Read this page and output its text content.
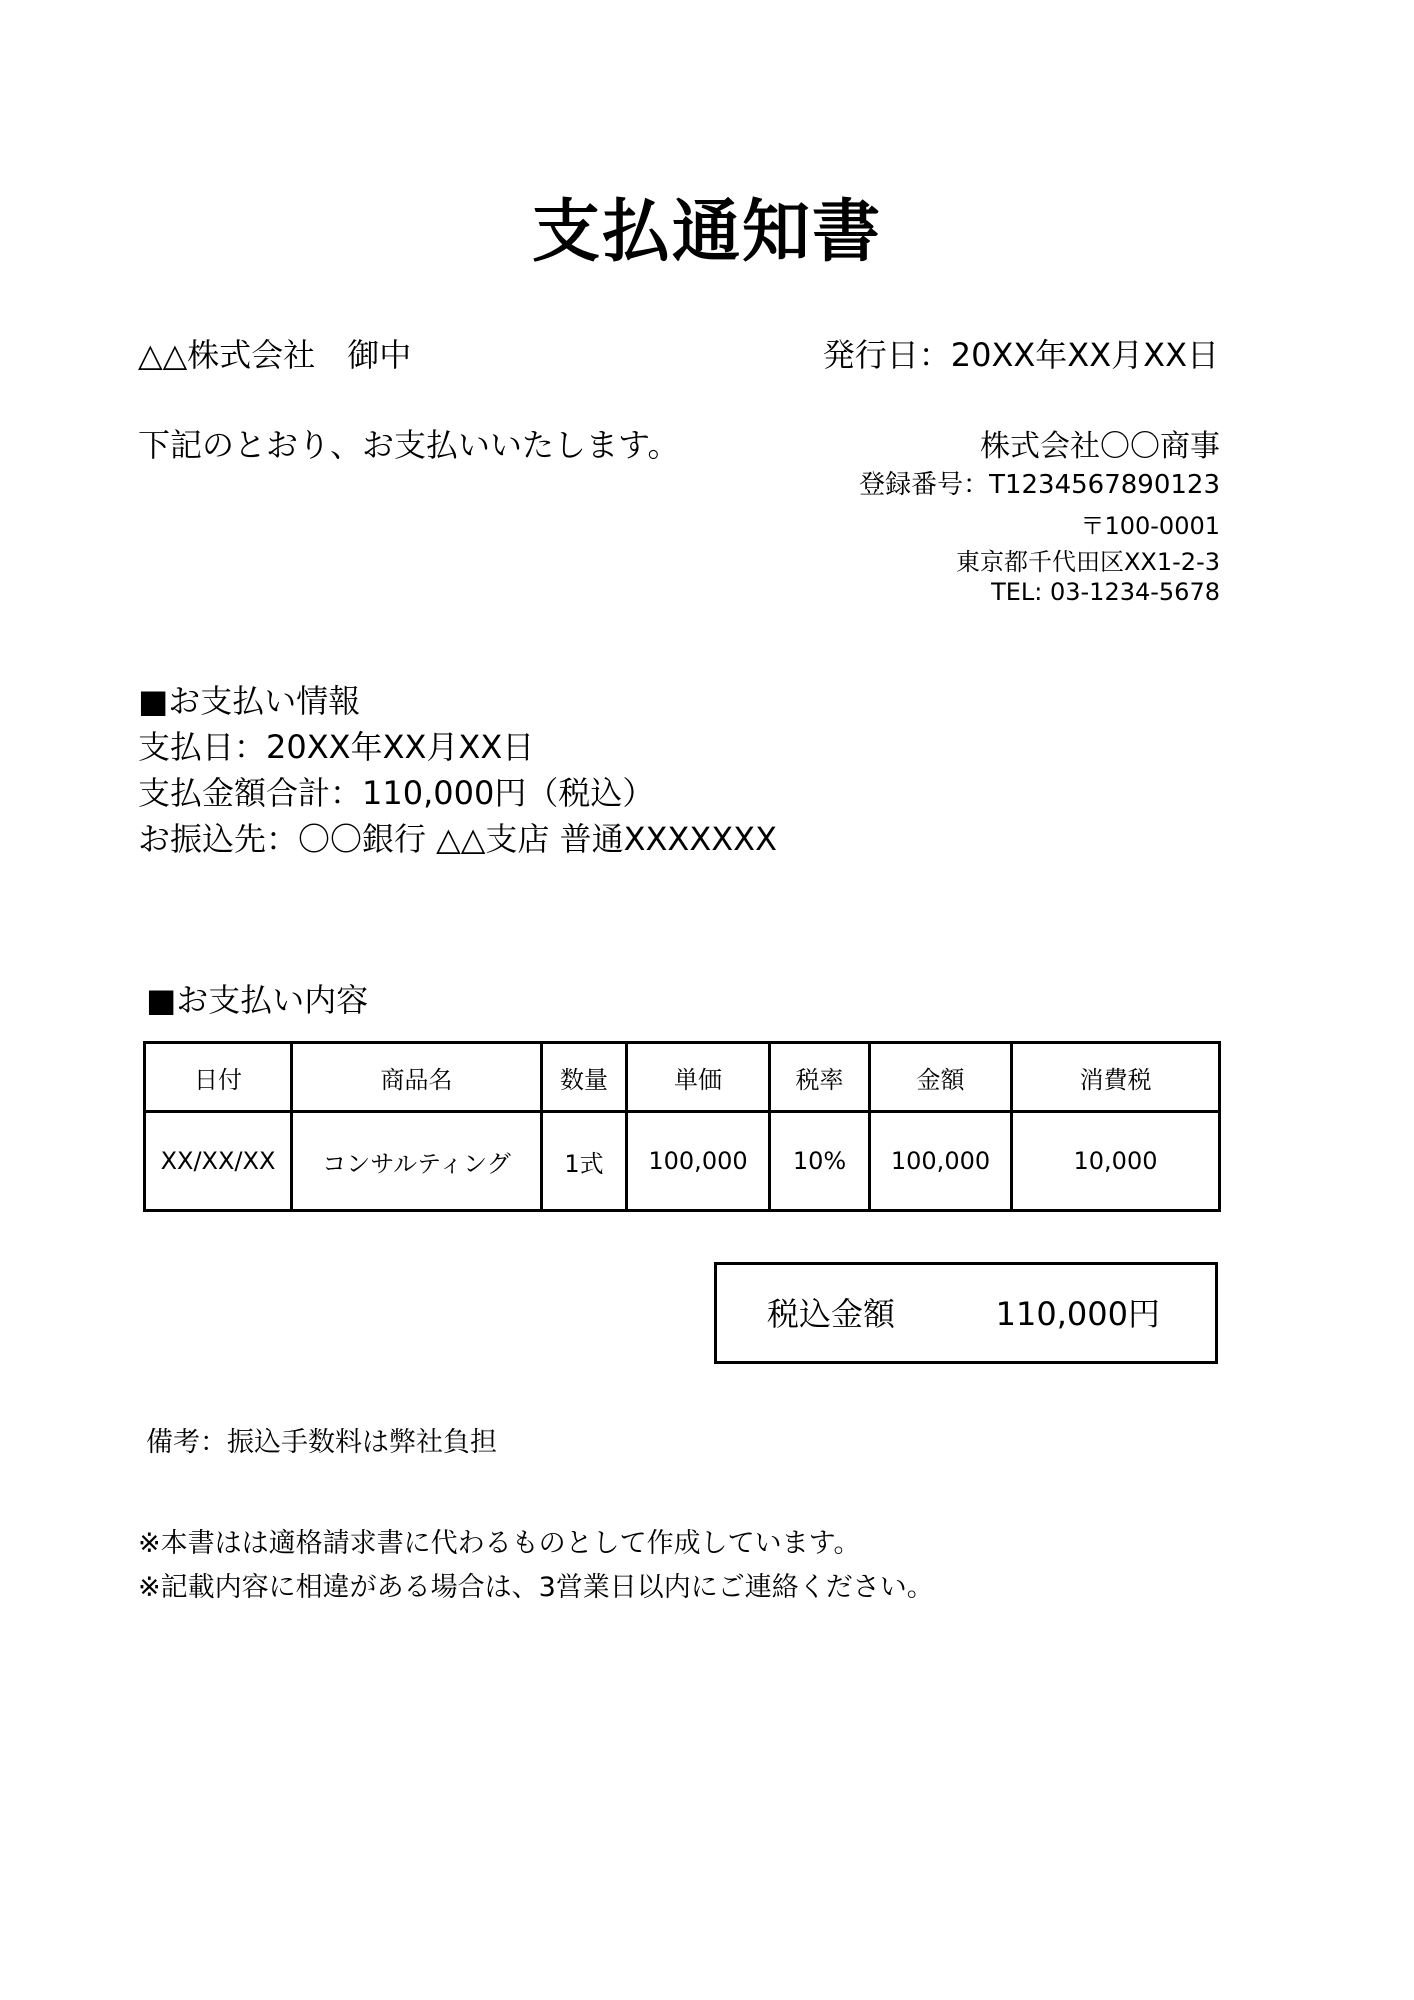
支払通知書
△△株式会社　御中	発行日：20XX年XX月XX日
下記のとおり、お支払いいたします。	株式会社〇〇商事
登録番号：T1234567890123
〒100-0001
東京都千代田区XX1-2-3
TEL: 03-1234-5678
■お支払い情報
支払日：20XX年XX月XX日
支払金額合計：110,000円（税込）
お振込先：〇〇銀行 △△支店 普通XXXXXXX
■お支払い内容
日付	商品名	数量	単価	税率	金額	消費税
XX/XX/XX	コンサルティング	1式	100,000	10%	100,000	10,000
税込金額	110,000円
備考：振込手数料は弊社負担
※本書はは適格請求書に代わるものとして作成しています。
※記載内容に相違がある場合は、3営業日以内にご連絡ください。
